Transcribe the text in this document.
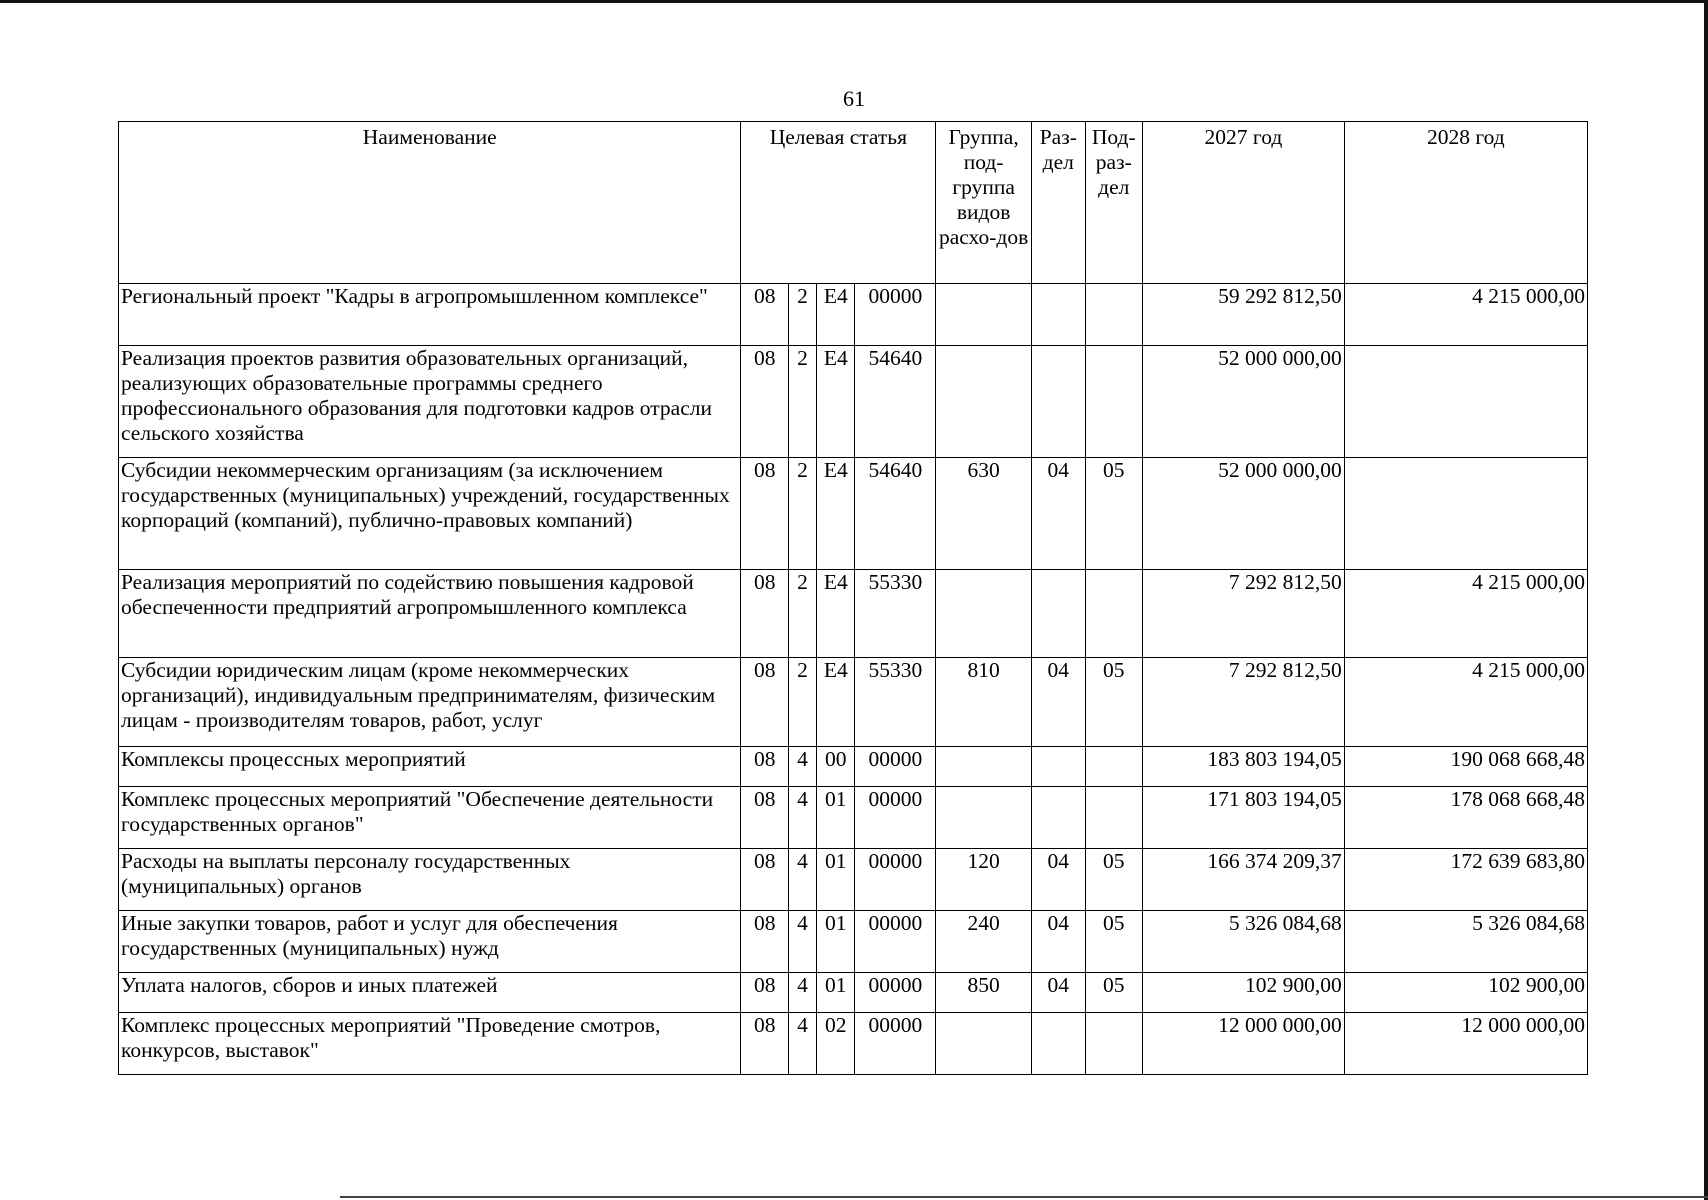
61
Наименование	Целевая статья				Группа, под-группа видов расхо-дов	Раз-дел	Под-раз-дел	2027 год	2028 год
Региональный проект "Кадры в агропромышленном комплексе"	08	2	Е4	00000				59 292 812,50	4 215 000,00
Реализация проектов развития образовательных организаций, реализующих образовательные программы среднего профессионального образования для подготовки кадров отрасли сельского хозяйства	08	2	Е4	54640				52 000 000,00	
Субсидии некоммерческим организациям (за исключением государственных (муниципальных) учреждений, государственных корпораций (компаний), публично-правовых компаний)	08	2	Е4	54640	630	04	05	52 000 000,00	
Реализация мероприятий по содействию повышения кадровой обеспеченности предприятий агропромышленного комплекса	08	2	Е4	55330				7 292 812,50	4 215 000,00
Субсидии юридическим лицам (кроме некоммерческих организаций), индивидуальным предпринимателям, физическим лицам - производителям товаров, работ, услуг	08	2	Е4	55330	810	04	05	7 292 812,50	4 215 000,00
Комплексы процессных мероприятий	08	4	00	00000				183 803 194,05	190 068 668,48
Комплекс процессных мероприятий "Обеспечение деятельности государственных органов"	08	4	01	00000				171 803 194,05	178 068 668,48
Расходы на выплаты персоналу государственных (муниципальных) органов	08	4	01	00000	120	04	05	166 374 209,37	172 639 683,80
Иные закупки товаров, работ и услуг для обеспечения государственных (муниципальных) нужд	08	4	01	00000	240	04	05	5 326 084,68	5 326 084,68
Уплата налогов, сборов и иных платежей	08	4	01	00000	850	04	05	102 900,00	102 900,00
Комплекс процессных мероприятий "Проведение смотров, конкурсов, выставок"	08	4	02	00000				12 000 000,00	12 000 000,00
